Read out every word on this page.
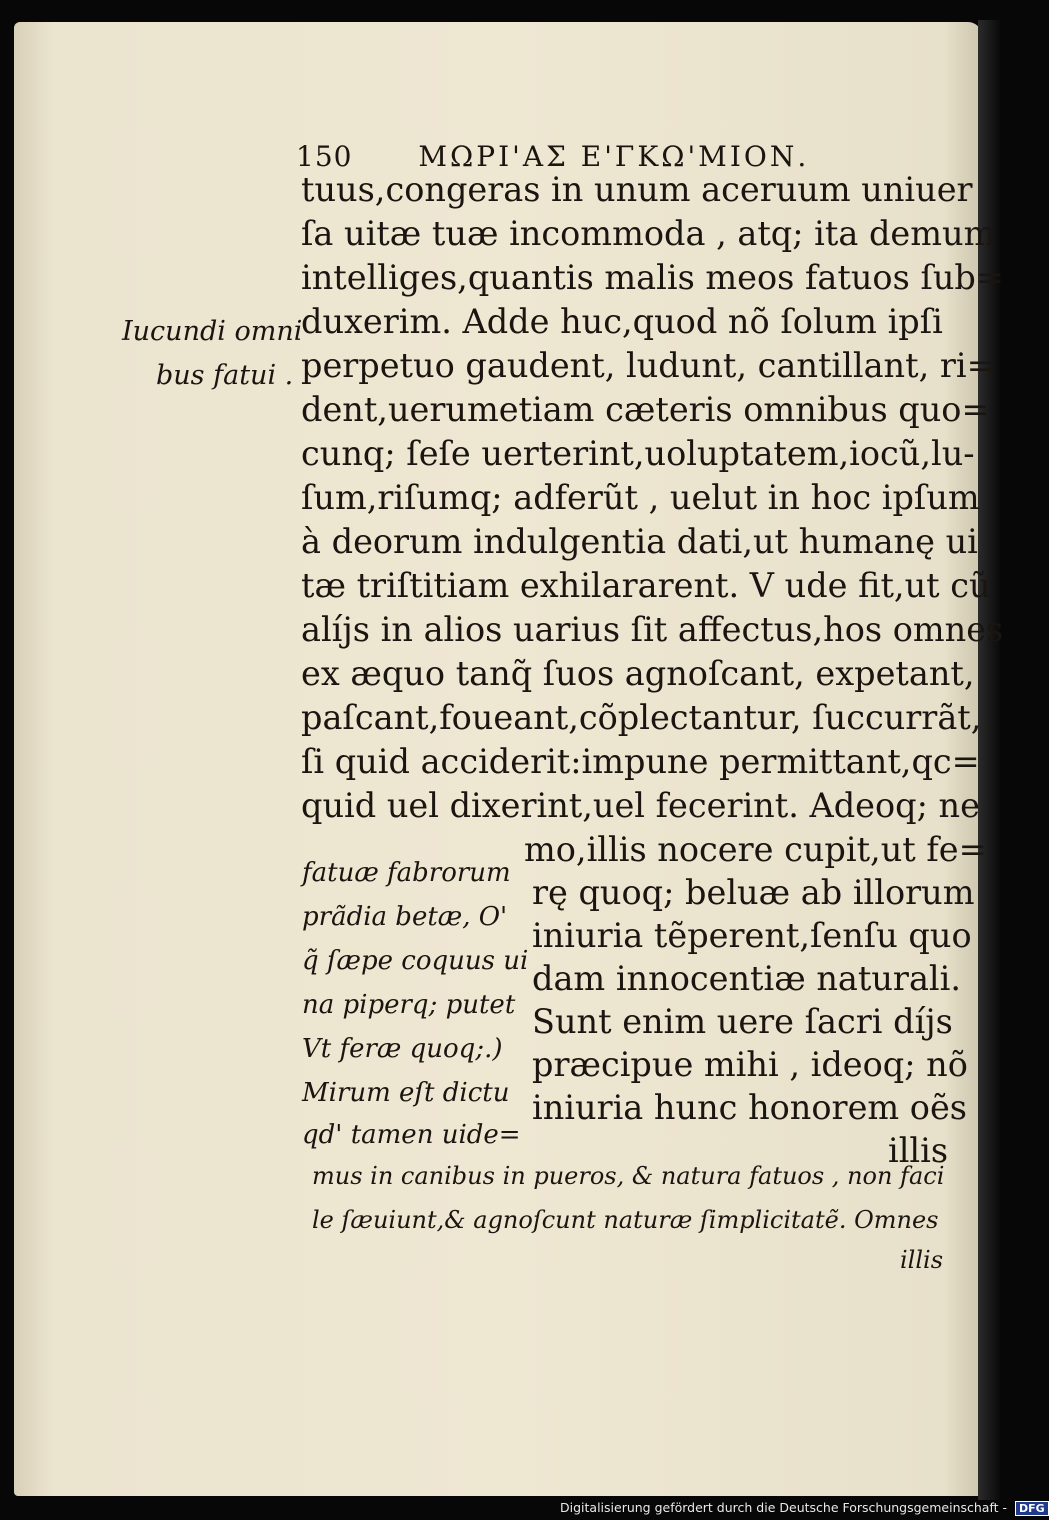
150 ΜΩΡΙ'ΑΣ Ε'ΓΚΩ'ΜΙΟΝ.
Iucundi omni
bus fatui .
tuus,congeras in unum aceruum uniuer
ſa uitæ tuæ incommoda , atq; ita demum
intelliges,quantis malis meos fatuos ſub=
duxerim. Adde huc,quod nõ ſolum ipſi
perpetuo gaudent, ludunt, cantillant, ri=
dent,uerumetiam cæteris omnibus quo=
cunq; ſeſe uerterint,uoluptatem,iocũ,lu-
ſum,riſumq; adferũt , uelut in hoc ipſum
à deorum indulgentia dati,ut humanę ui
tæ triſtitiam exhilararent. V ude fit,ut cũ
alíjs in alios uarius ſit affectus,hos omnes
ex æquo tanq̃ ſuos agnoſcant, expetant,
paſcant,foueant,cõplectantur, ſuccurrãt,
ſi quid acciderit:impune permittant,qc=
quid uel dixerint,uel fecerint. Adeoq; ne
mo,illis nocere cupit,ut fe=
rę quoq; beluæ ab illorum
iniuria tẽperent,ſenſu quo
dam innocentiæ naturali.
Sunt enim uere ſacri díjs
præcipue mihi , ideoq; nõ
iniuria hunc honorem oẽs
illis
fatuæ fabrorum
prãdia betæ, O'
q̃ ſæpe coquus ui
na piperq; putet
Vt feræ quoq;.)
Mirum eſt dictu
qd' tamen uide=
mus in canibus in pueros, & natura fatuos , non faci
le ſæuiunt,& agnoſcunt naturæ ſimplicitatẽ. Omnes
illis
Digitalisierung gefördert durch die Deutsche Forschungsgemeinschaft - DFG
